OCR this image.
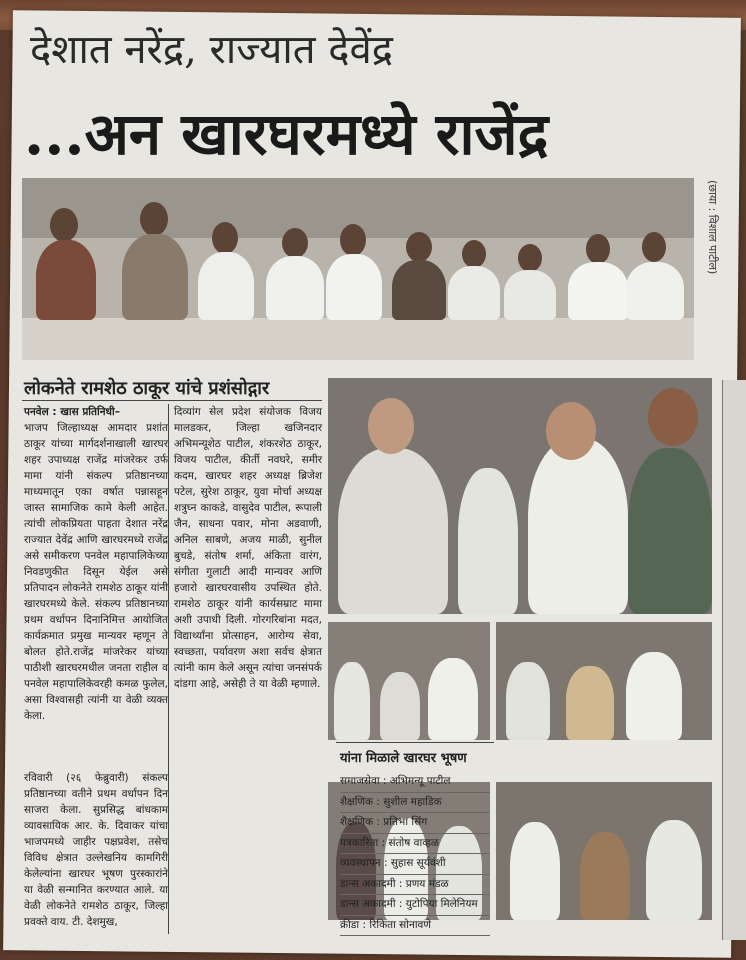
देशात नरेंद्र, राज्यात देवेंद्र
...अन खारघरमध्ये राजेंद्र
(छाया : विशाल पाटील)
लोकनेते रामशेठ ठाकूर यांचे प्रशंसोद्गार

पनवेल : खास प्रतिनिधी–

भाजप जिल्हाध्यक्ष आमदार प्रशांत ठाकूर यांच्या मार्गदर्शनाखाली खारघर शहर उपाध्यक्ष राजेंद्र मांजरेकर उर्फ मामा यांनी संकल्प प्रतिष्ठानच्या माध्यमातून एका वर्षात पन्नासहून जास्त सामाजिक कामे केली आहेत. त्यांची लोकप्रियता पाहता देशात नरेंद्र राज्यात देवेंद्र आणि खारघरमध्ये राजेंद्र असे समीकरण पनवेल महापालिकेच्या निवडणुकीत दिसून येईल असे प्रतिपादन लोकनेते रामशेठ ठाकूर यांनी खारघरमध्ये केले. संकल्प प्रतिष्ठानच्या प्रथम वर्धापन दिनानिमित्त आयोजित कार्यक्रमात प्रमुख मान्यवर म्हणून ते बोलत होते.राजेंद्र मांजरेकर यांच्या पाठीशी खारघरमधील जनता राहील व पनवेल महापालिकेवरही कमळ फुलेल, असा विश्वासही त्यांनी या वेळी व्यक्त केला.

दिव्यांग सेल प्रदेश संयोजक विजय मालडकर, जिल्हा खजिनदार अभिमन्यूशेठ पाटील, शंकरशेठ ठाकूर, विजय पाटील, कीर्ती नवघरे, समीर कदम, खारघर शहर अध्यक्ष ब्रिजेश पटेल, सुरेश ठाकूर, युवा मोर्चा अध्यक्ष शत्रुघ्न काकडे, वासुदेव पाटील, रूपाली जैन, साधना पवार, मोना अडवाणी, अनिल साबणे, अजय माळी, सुनील बुचडे, संतोष शर्मा, अंकिता वारंग, संगीता गुलाटी आदी मान्यवर आणि हजारो खारघरवासीय उपस्थित होते. रामशेठ ठाकूर यांनी कार्यसम्राट मामा अशी उपाधी दिली. गोरगरिबांना मदत, विद्यार्थ्यांना प्रोत्साहन, आरोग्य सेवा, स्वच्छता, पर्यावरण अशा सर्वच क्षेत्रात त्यांनी काम केले असून त्यांचा जनसंपर्क दांडगा आहे, असेही ते या वेळी म्हणाले.

रविवारी (२६ फेब्रुवारी) संकल्प प्रतिष्ठानच्या वतीने प्रथम वर्धापन दिन साजरा केला. सुप्रसिद्ध बांधकाम व्यावसायिक आर. के. दिवाकर यांचा भाजपमध्ये जाहीर पक्षप्रवेश, तसेच विविध क्षेत्रात उल्लेखनिय कामगिरी केलेल्यांना खारघर भूषण पुरस्कारांने या वेळी सन्मानित करण्यात आले. या वेळी लोकनेते रामशेठ ठाकूर, जिल्हा प्रवक्ते वाय. टी. देशमुख,

यांना मिळाले खारघर भूषण
समाजसेवा : अभिमन्यू पाटील
शैक्षणिक : सुशील महाडिक
शैक्षणिक : प्रतिभा सिंग
पत्रकारिता : संतोष वाव्हळ
व्यवस्थापन : सुहास सूर्यवंशी
डान्स अकादमी : प्रणय मंडळ
डान्स अकादमी : युटोपिया मिलेनियम
क्रीडा : रिकिता सोनावणे
